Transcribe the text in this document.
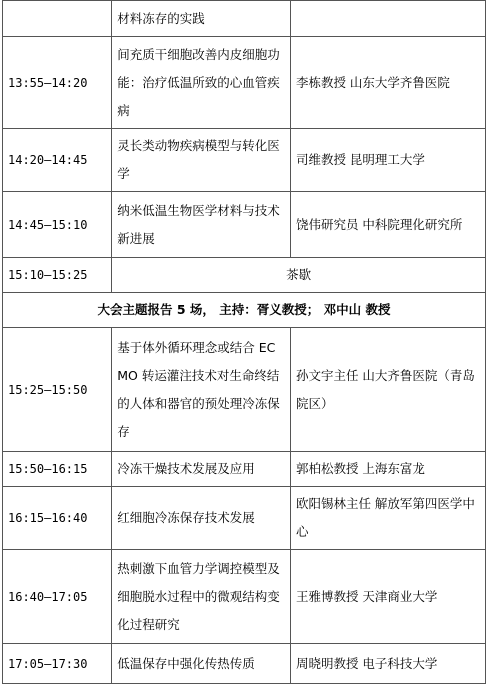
	材料冻存的实践	
13:55—14:20	间充质干细胞改善内皮细胞功能：治疗低温所致的心血管疾病	李栋教授 山东大学齐鲁医院
14:20—14:45	灵长类动物疾病模型与转化医学	司维教授 昆明理工大学
14:45—15:10	纳米低温生物医学材料与技术新进展	饶伟研究员 中科院理化研究所
15:10—15:25	茶歇	
大会主题报告 5 场， 主持：胥义教授； 邓中山 教授		
15:25—15:50	基于体外循环理念或结合 ECMO 转运灌注技术对生命终结的人体和器官的预处理冷冻保存	孙文宇主任 山大齐鲁医院（青岛院区）
15:50—16:15	冷冻干燥技术发展及应用	郭柏松教授 上海东富龙
16:15—16:40	红细胞冷冻保存技术发展	欧阳锡林主任 解放军第四医学中心
16:40—17:05	热刺激下血管力学调控模型及细胞脱水过程中的微观结构变化过程研究	王雅博教授 天津商业大学
17:05—17:30	低温保存中强化传热传质	周晓明教授 电子科技大学
